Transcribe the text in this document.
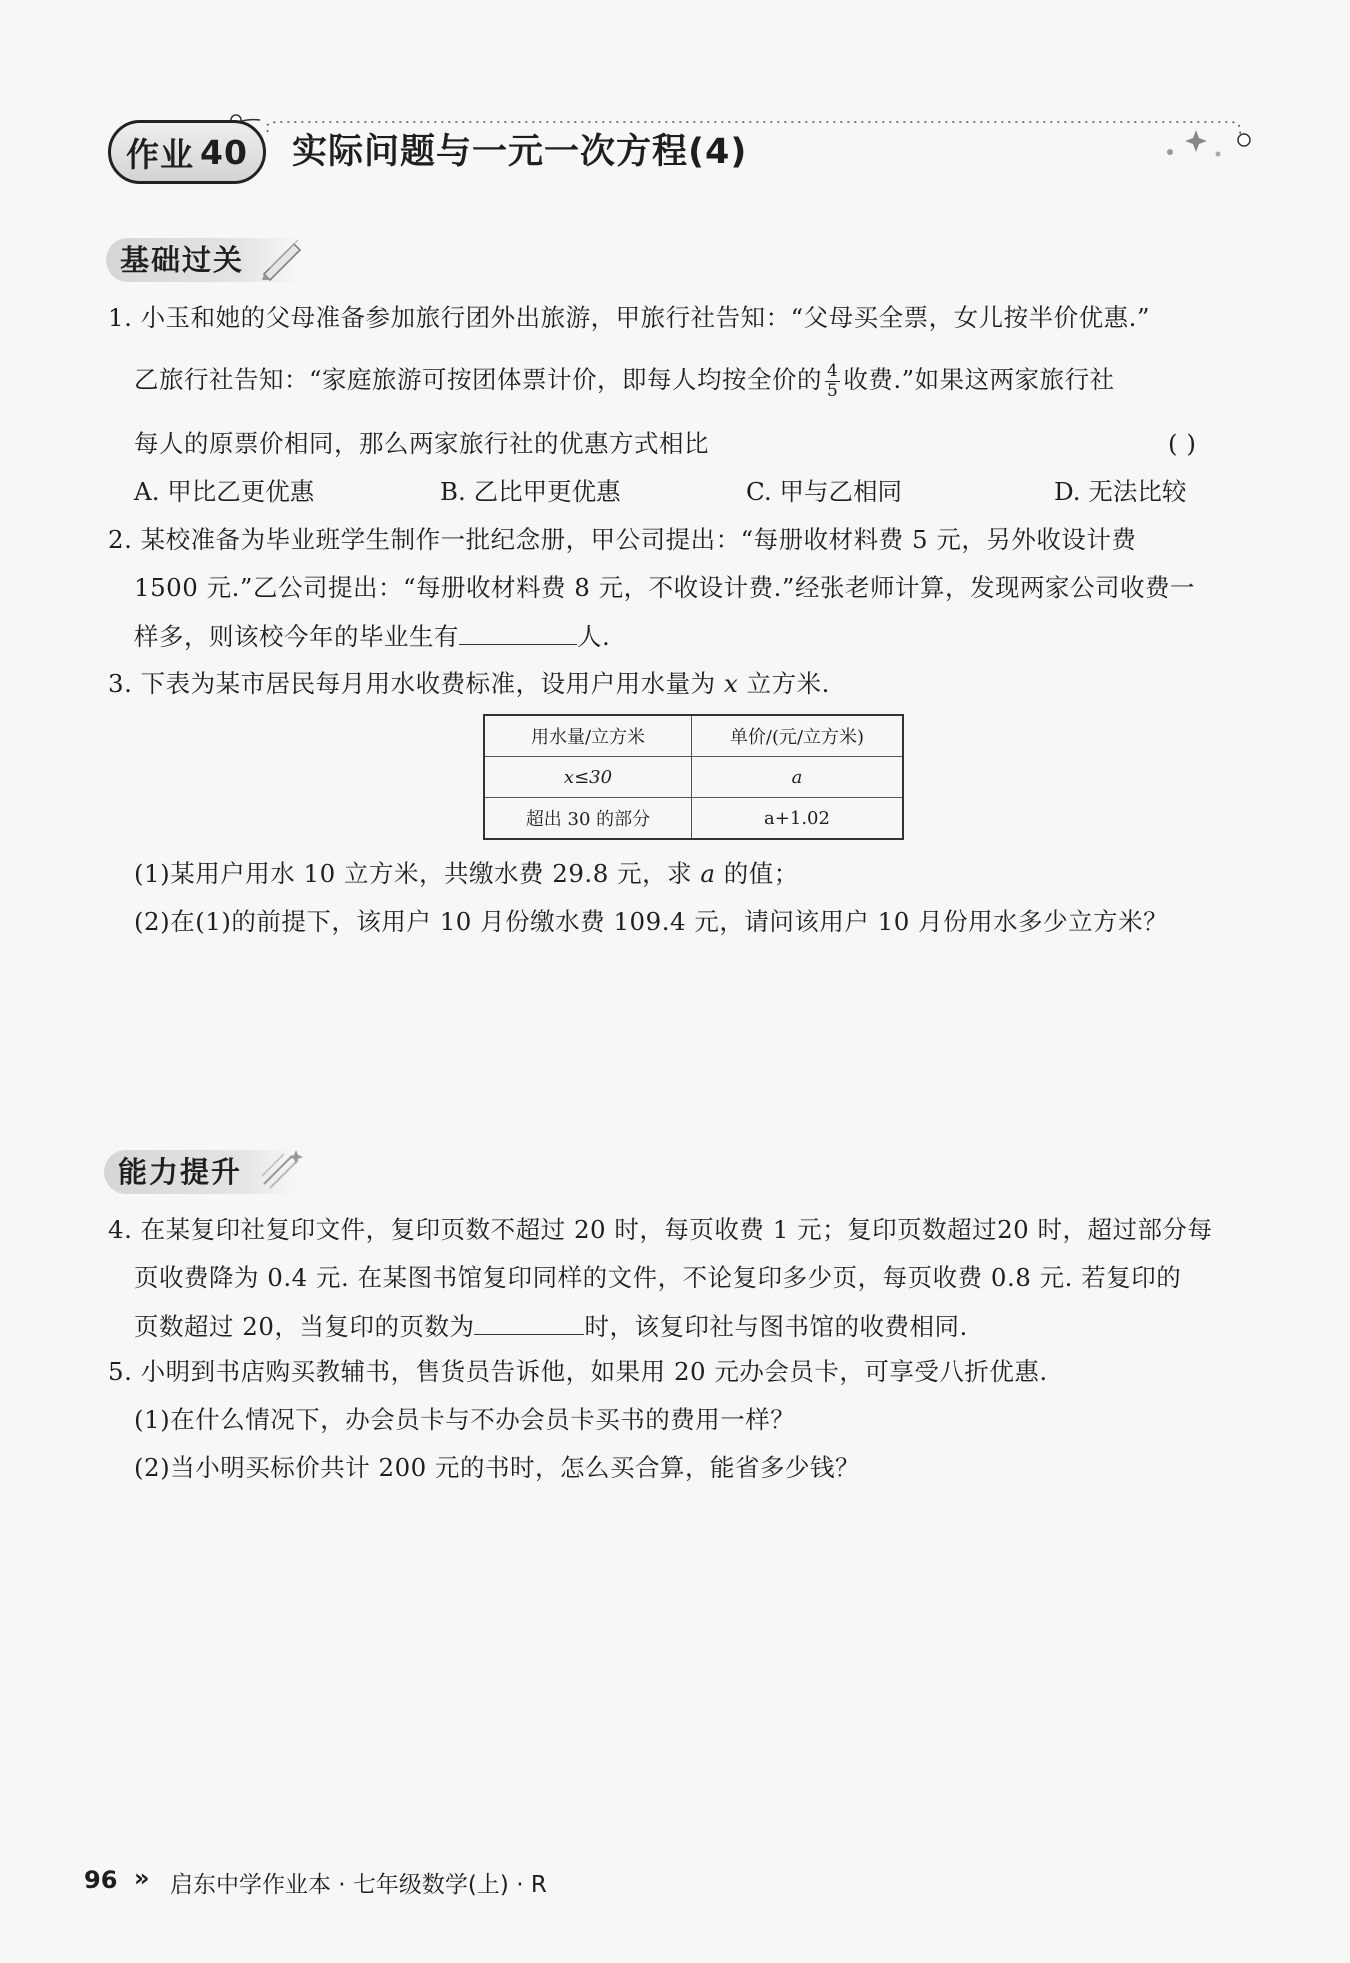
作业 40 实际问题与一元一次方程(4)
基础过关
1. 小玉和她的父母准备参加旅行团外出旅游，甲旅行社告知：“父母买全票，女儿按半价优惠.”
乙旅行社告知：“家庭旅游可按团体票计价，即每人均按全价的 $\frac{4}{5}$ 收费.”如果这两家旅行社
每人的原票价相同，那么两家旅行社的优惠方式相比	( )
A. 甲比乙更优惠	B. 乙比甲更优惠	C. 甲与乙相同	D. 无法比较
2. 某校准备为毕业班学生制作一批纪念册，甲公司提出：“每册收材料费 5 元，另外收设计费
1500 元.”乙公司提出：“每册收材料费 8 元，不收设计费.”经张老师计算，发现两家公司收费一
样多，则该校今年的毕业生有	人.
3. 下表为某市居民每月用水收费标准，设用户用水量为 x 立方米.
用水量/立方米	单价/(元/立方米)
x≤30	a
超出 30 的部分	a+1.02
(1)某用户用水 10 立方米，共缴水费 29.8 元，求 a 的值；
(2)在(1)的前提下，该用户 10 月份缴水费 109.4 元，请问该用户 10 月份用水多少立方米？
能力提升
4. 在某复印社复印文件，复印页数不超过 20 时，每页收费 1 元；复印页数超过20 时，超过部分每
页收费降为 0.4 元. 在某图书馆复印同样的文件，不论复印多少页，每页收费 0.8 元. 若复印的
页数超过 20，当复印的页数为	时，该复印社与图书馆的收费相同.
5. 小明到书店购买教辅书，售货员告诉他，如果用 20 元办会员卡，可享受八折优惠.
(1)在什么情况下，办会员卡与不办会员卡买书的费用一样？
(2)当小明买标价共计 200 元的书时，怎么买合算，能省多少钱？
96 » 启东中学作业本 · 七年级数学(上) · R
